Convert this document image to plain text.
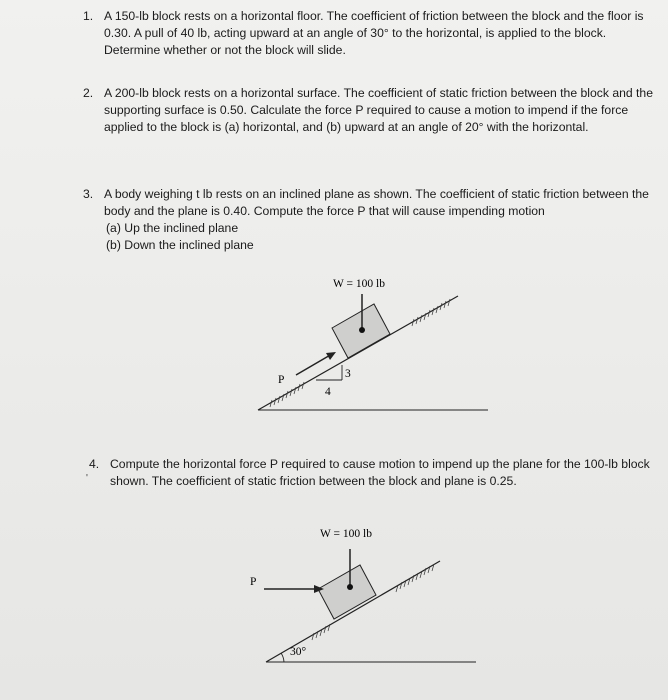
1. A 150-lb block rests on a horizontal floor. The coefficient of friction between the block and the floor is
0.30. A pull of 40 lb, acting upward at an angle of 30° to the horizontal, is applied to the block.
Determine whether or not the block will slide.
2. A 200-lb block rests on a horizontal surface. The coefficient of static friction between the block and the
supporting surface is 0.50. Calculate the force P required to cause a motion to impend if the force
applied to the block is (a) horizontal, and (b) upward at an angle of 20° with the horizontal.
3. A body weighing t lb rests on an inclined plane as shown. The coefficient of static friction between the
body and the plane is 0.40. Compute the force P that will cause impending motion
(a) Up the inclined plane
(b) Down the inclined plane
3
4
P
W = 100 lb
4. Compute the horizontal force P required to cause motion to impend up the plane for the 100-lb block
shown. The coefficient of static friction between the block and plane is 0.25.
'
30°
P
W = 100 lb
